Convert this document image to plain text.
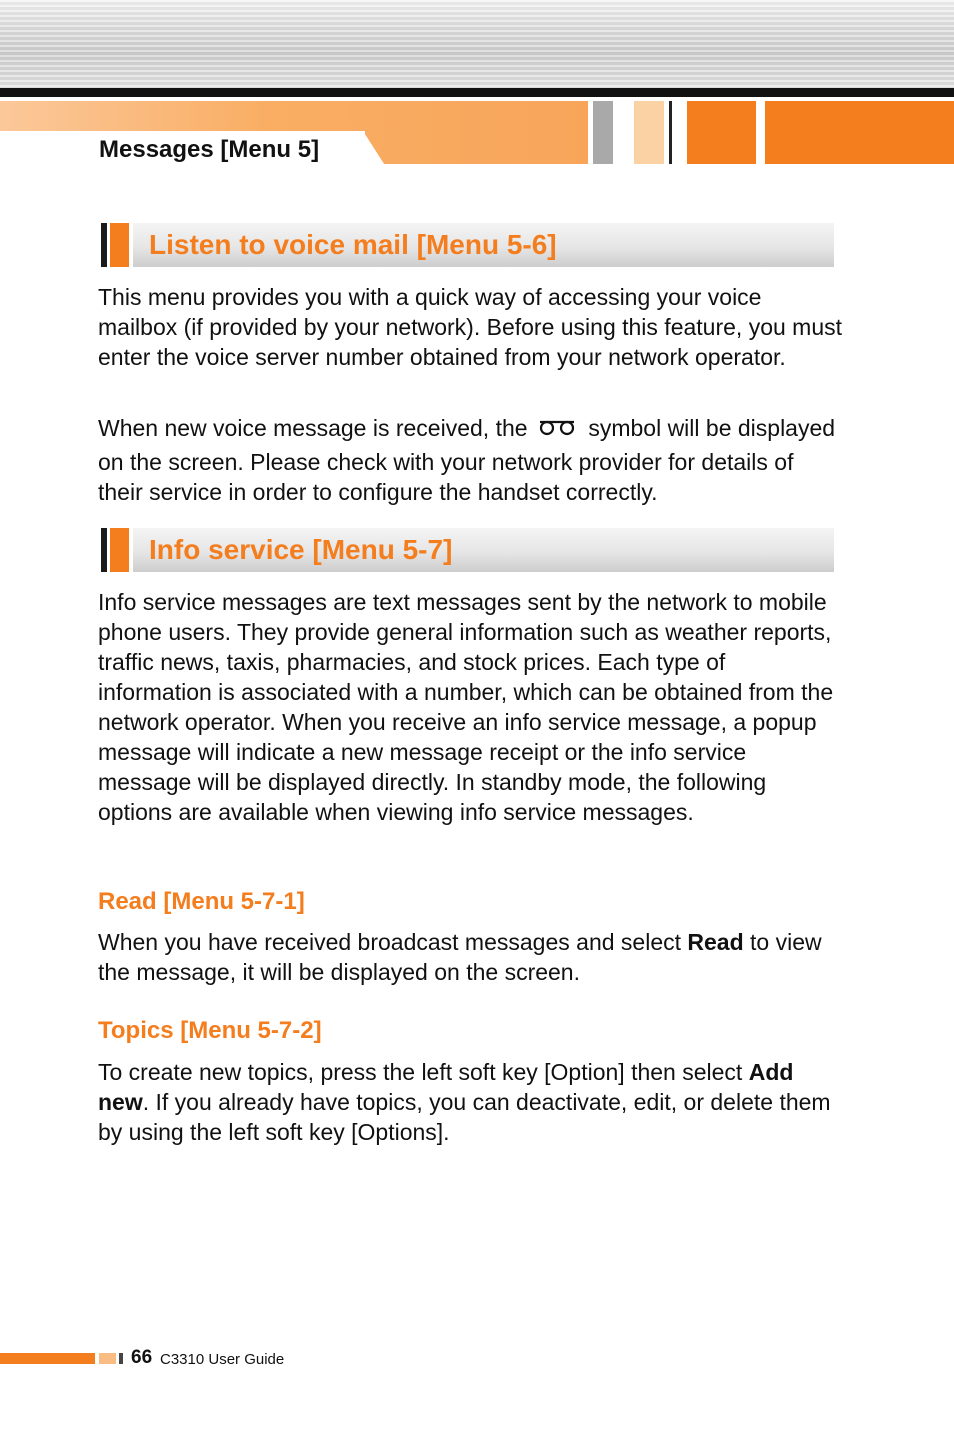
Messages [Menu 5]
Listen to voice mail [Menu 5-6]

This menu provides you with a quick way of accessing your voice mailbox (if provided by your network). Before using this feature, you must enter the voice server number obtained from your network operator.

When new voice message is received, the	symbol will be displayed on the screen. Please check with your network provider for details of their service in order to configure the handset correctly.

Info service [Menu 5-7]

Info service messages are text messages sent by the network to mobile phone users. They provide general information such as weather reports, traffic news, taxis, pharmacies, and stock prices. Each type of information is associated with a number, which can be obtained from the network operator. When you receive an info service message, a popup message will indicate a new message receipt or the info service message will be displayed directly. In standby mode, the following options are available when viewing info service messages.

Read [Menu 5-7-1]

When you have received broadcast messages and select Read to view the message, it will be displayed on the screen.

Topics [Menu 5-7-2]

To create new topics, press the left soft key [Option] then select Add new. If you already have topics, you can deactivate, edit, or delete them by using the left soft key [Options].

66 C3310 User Guide
